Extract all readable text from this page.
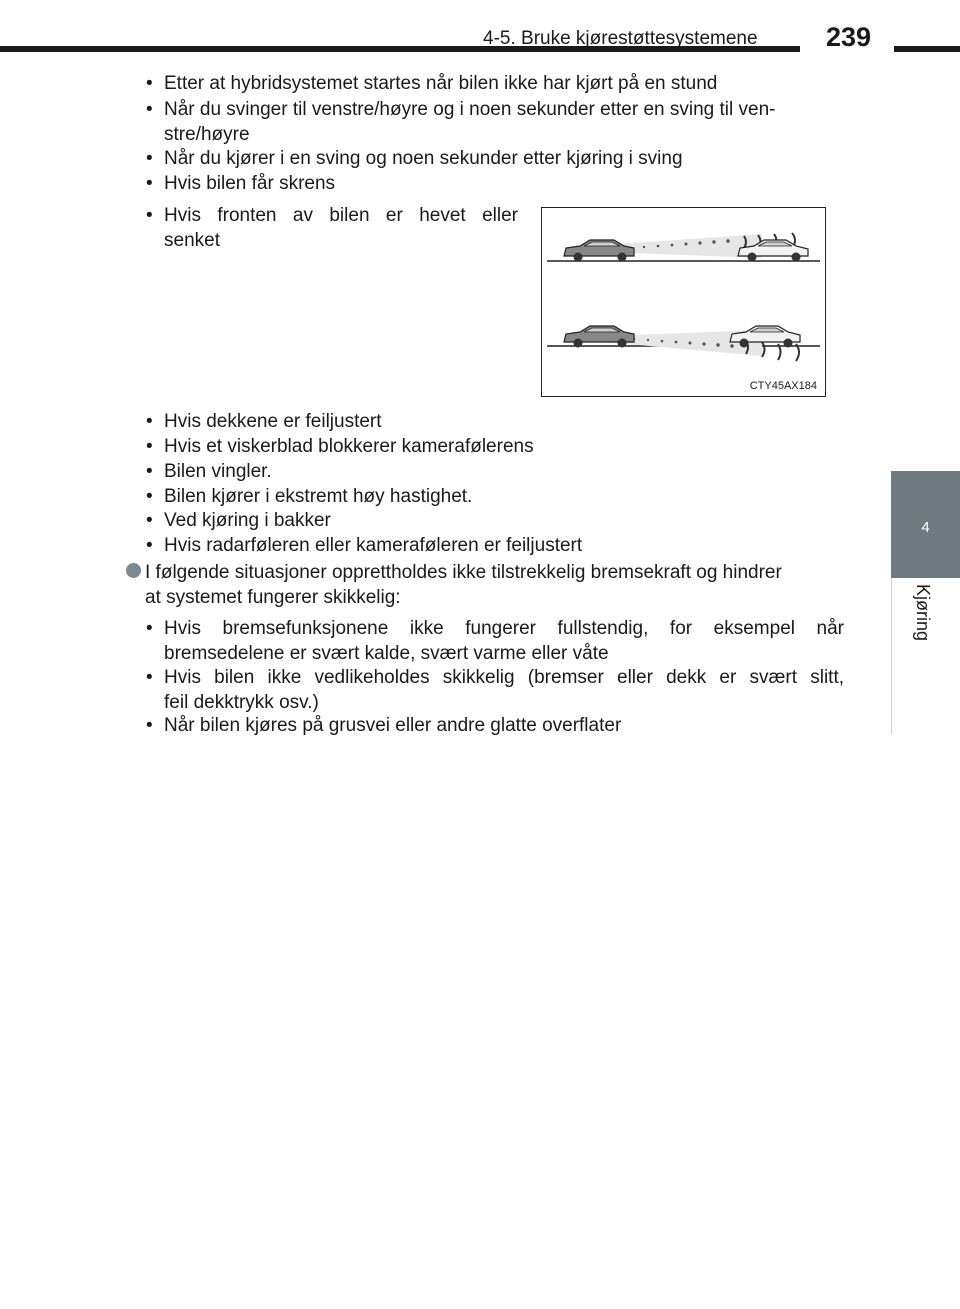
4-5. Bruke kjørestøttesystemene	239
4
Kjøring
• Etter at hybridsystemet startes når bilen ikke har kjørt på en stund
• Når du svinger til venstre/høyre og i noen sekunder etter en sving til ven-
stre/høyre
• Når du kjører i en sving og noen sekunder etter kjøring i sving
• Hvis bilen får skrens
• Hvis fronten av bilen er hevet eller
senket
CTY45AX184
• Hvis dekkene er feiljustert
• Hvis et viskerblad blokkerer kamerafølerens
• Bilen vingler.
• Bilen kjører i ekstremt høy hastighet.
• Ved kjøring i bakker
• Hvis radarføleren eller kameraføleren er feiljustert
I følgende situasjoner opprettholdes ikke tilstrekkelig bremsekraft og hindrer
at systemet fungerer skikkelig:
• Hvis bremsefunksjonene ikke fungerer fullstendig, for eksempel når
bremsedelene er svært kalde, svært varme eller våte
• Hvis bilen ikke vedlikeholdes skikkelig (bremser eller dekk er svært slitt,
feil dekktrykk osv.)
• Når bilen kjøres på grusvei eller andre glatte overflater
